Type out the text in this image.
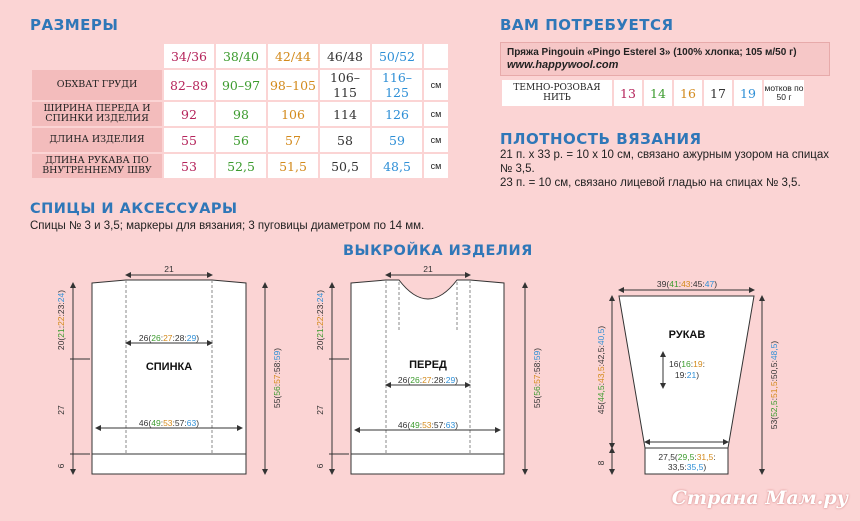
РАЗМЕРЫ
	34/36	38/40	42/44	46/48	50/52	
ОБХВАТ ГРУДИ	82–89	90–97	98–105	106–115	116–125	см
ШИРИНА ПЕРЕДА И СПИНКИ ИЗДЕЛИЯ	92	98	106	114	126	см
ДЛИНА ИЗДЕЛИЯ	55	56	57	58	59	см
ДЛИНА РУКАВА ПО ВНУТРЕННЕМУ ШВУ	53	52,5	51,5	50,5	48,5	см
ВАМ ПОТРЕБУЕТСЯ
Пряжа Pingouin «Pingo Esterel 3» (100% хлопка; 105 м/50 г)
www.happywool.com
ТЕМНО-РОЗОВАЯ НИТЬ	13	14	16	17	19	мотков по 50 г
ПЛОТНОСТЬ ВЯЗАНИЯ
21 п. х 33 р. = 10 х 10 см, связано ажурным узором на спицах № 3,5.
23 п. = 10 см, связано лицевой гладью на спицах № 3,5.
СПИЦЫ И АКСЕССУАРЫ
Спицы № 3 и 3,5; маркеры для вязания; 3 пуговицы диаметром по 14 мм.
ВЫКРОЙКА ИЗДЕЛИЯ
21
26(26:27:28:29)
46(49:53:57:63)
СПИНКА
20(21:22:23:24)
27
6
55(56:57:58:59)
21
ПЕРЕД
26(26:27:28:29)
46(49:53:57:63)
20(21:22:23:24)
27
6
55(56:57:58:59)
39(41:43:45:47)
РУКАВ
16(16:19:
19:21)
27,5(29,5:31,5:
33,5:35,5)
45(44,5:43,5:42,5:40,5)
8
53(52,5:51,5:50,5:48,5)
Страна Мам.ру
